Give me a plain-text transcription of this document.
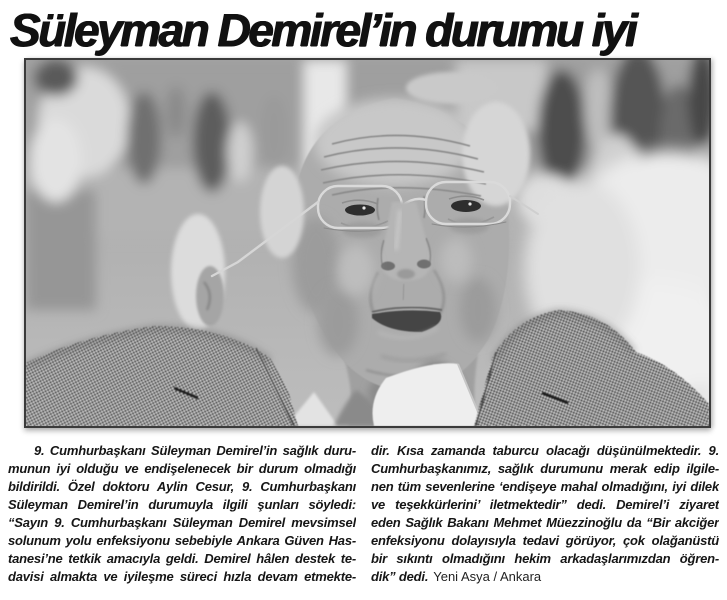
Süleyman Demirel’in durumu iyi
9. Cumhurbaşkanı Süleyman Demirel’in sağlık duru-
munun iyi olduğu ve endişelenecek bir durum olmadığı
bildirildi. Özel doktoru Aylin Cesur, 9. Cumhurbaşkanı
Süleyman Demirel’in durumuyla ilgili şunları söyledi:
“Sayın 9. Cumhurbaşkanı Süleyman Demirel mevsimsel
solunum yolu enfeksiyonu sebebiyle Ankara Güven Has-
tanesi’ne tetkik amacıyla geldi. Demirel hâlen destek te-
davisi almakta ve iyileşme süreci hızla devam etmekte-
dir. Kısa zamanda taburcu olacağı düşünülmektedir. 9.
Cumhurbaşkanımız, sağlık durumunu merak edip ilgile-
nen tüm sevenlerine ‘endişeye mahal olmadığını, iyi dilek
ve teşekkürlerini’ iletmektedir” dedi. Demirel’i ziyaret
eden Sağlık Bakanı Mehmet Müezzinoğlu da “Bir akciğer
enfeksiyonu dolayısıyla tedavi görüyor, çok olağanüstü
bir sıkıntı olmadığını hekim arkadaşlarımızdan öğren-
dik” dedi. Yeni Asya / Ankara
